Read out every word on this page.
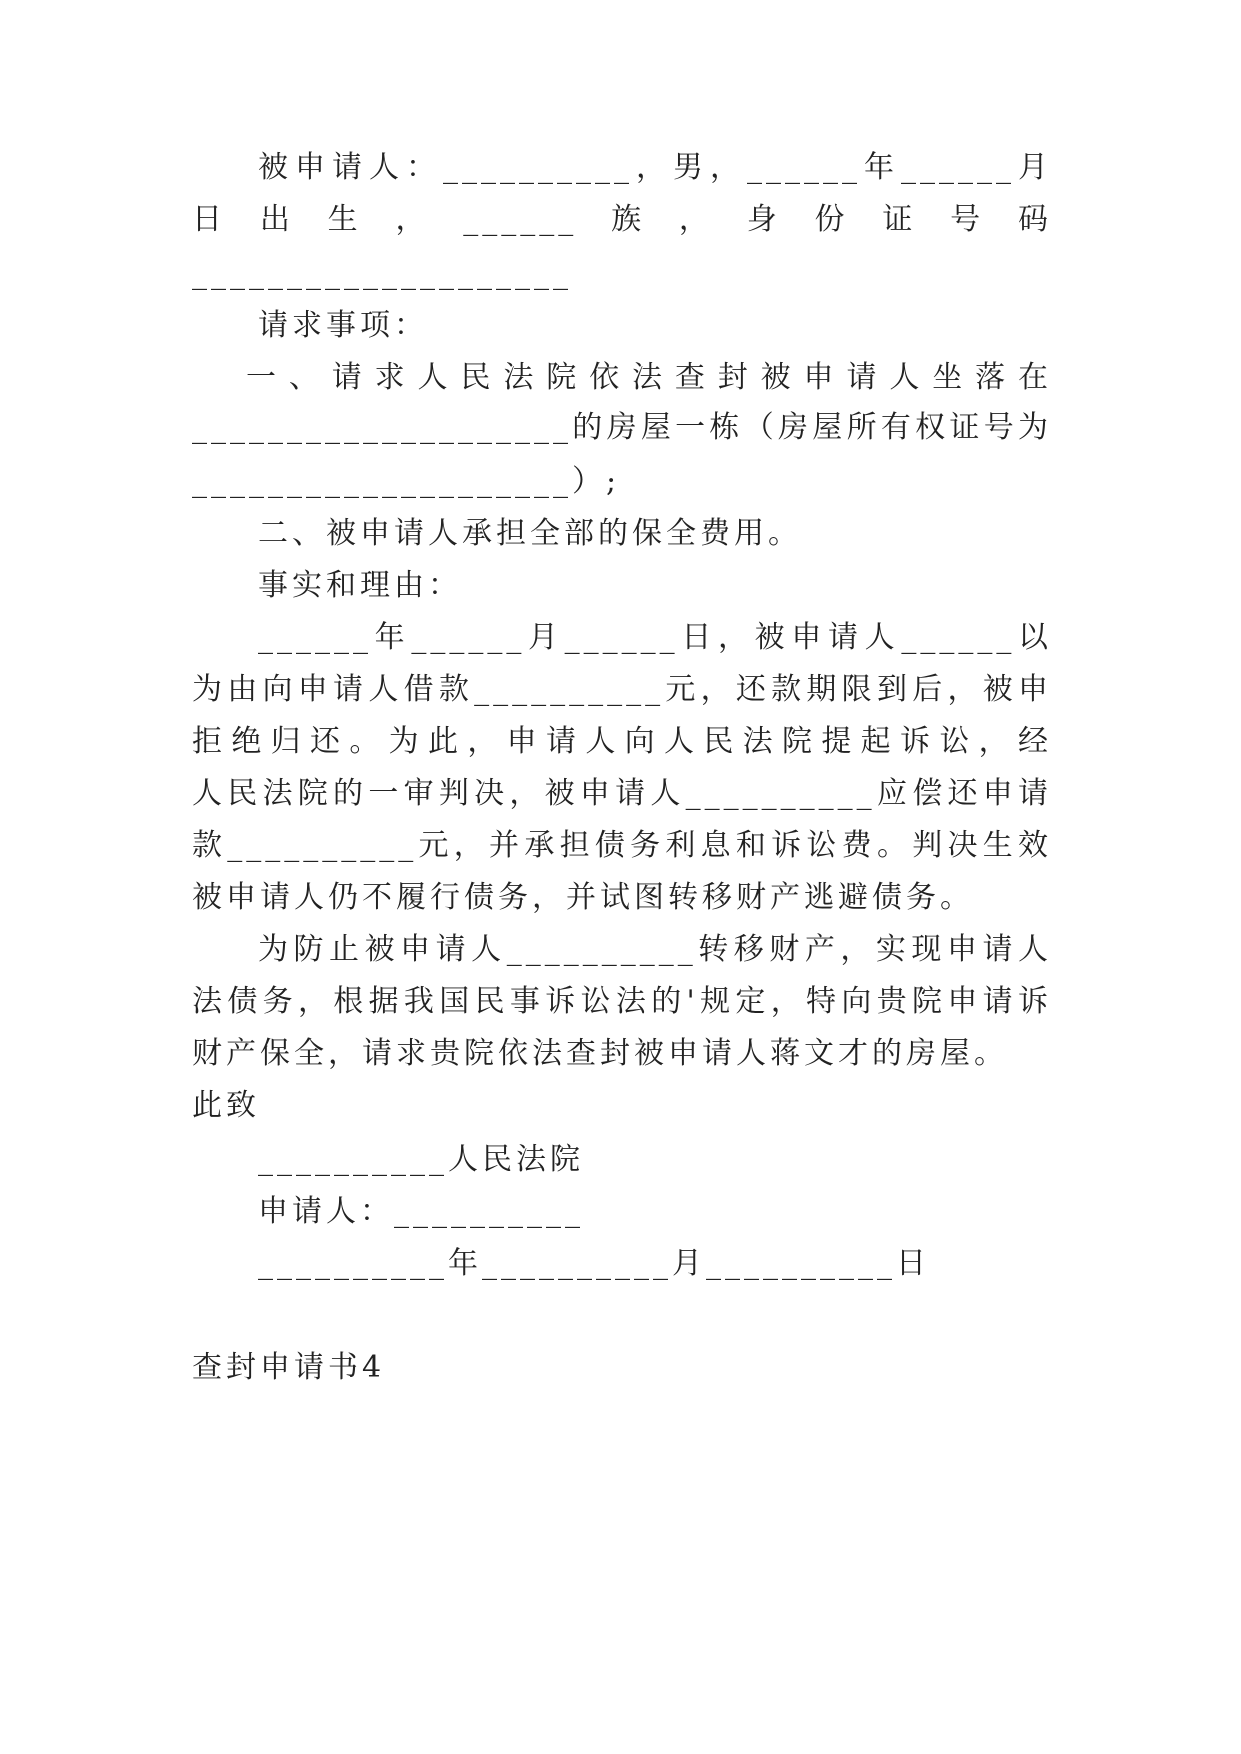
被申请人：__________，男，______年______月
日出生，______族，身份证号码
____________________
请求事项：
一、请求人民法院依法查封被申请人坐落在
____________________的房屋一栋（房屋所有权证号为
____________________）;
二、被申请人承担全部的保全费用。
事实和理由：
______年______月______日，被申请人______以
为由向申请人借款__________元，还款期限到后，被申
拒绝归还。为此，申请人向人民法院提起诉讼，经
人民法院的一审判决，被申请人__________应偿还申请
款__________元，并承担债务利息和诉讼费。判决生效
被申请人仍不履行债务，并试图转移财产逃避债务。
为防止被申请人__________转移财产，实现申请人
法债务，根据我国民事诉讼法的'规定，特向贵院申请诉
财产保全，请求贵院依法查封被申请人蒋文才的房屋。
此致
__________人民法院
申请人：__________
__________年__________月__________日
查封申请书4
